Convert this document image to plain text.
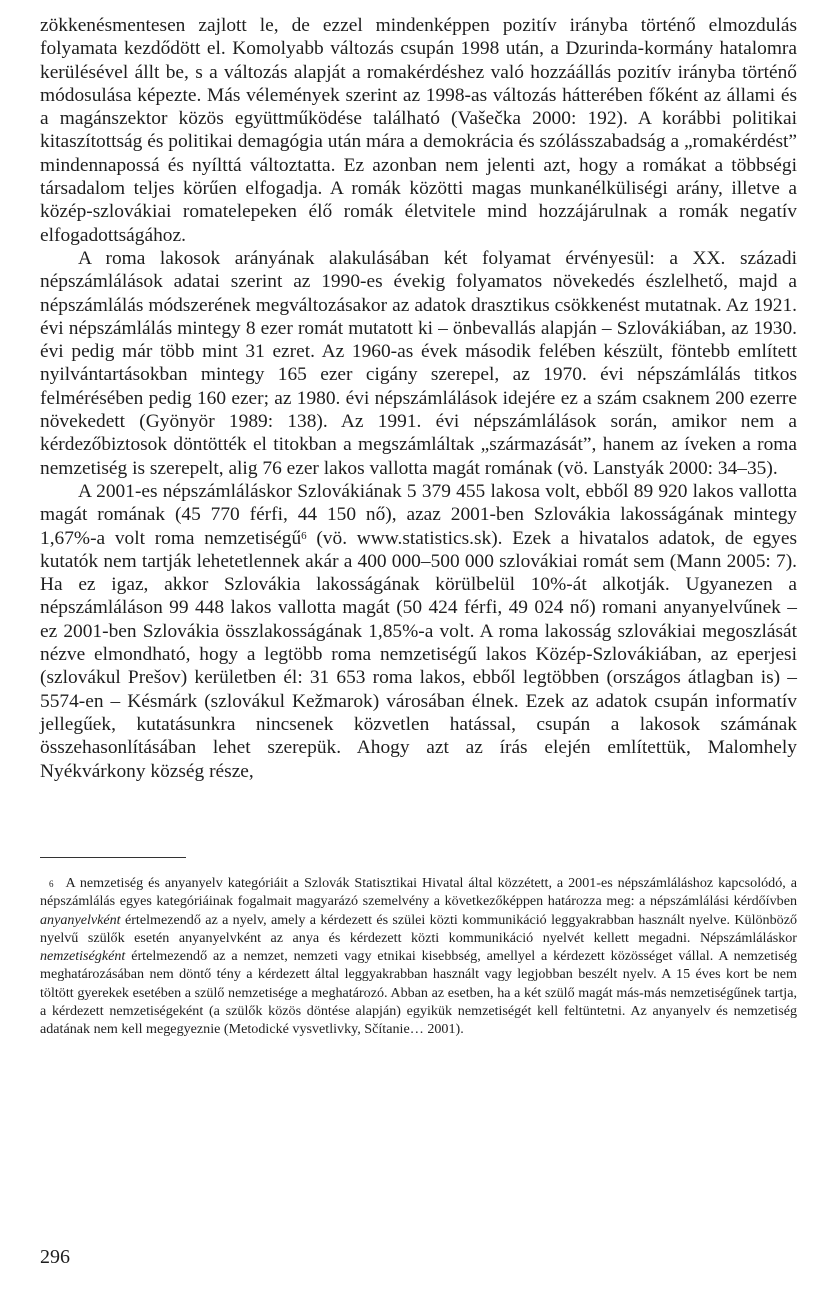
zökkenésmentesen zajlott le, de ezzel mindenképpen pozitív irányba történő elmozdulás folyamata kezdődött el. Komolyabb változás csupán 1998 után, a Dzurinda-kormány hatalomra kerülésével állt be, s a változás alapját a romakérdéshez való hozzáállás pozitív irányba történő módosulása képezte. Más vélemények szerint az 1998-as változás hátterében főként az állami és a magánszektor közös együttműködése található (Vašečka 2000: 192). A korábbi politikai kitaszítottság és politikai demagógia után mára a demokrácia és szólásszabadság a „romakérdést” mindennapossá és nyílttá változtatta. Ez azonban nem jelenti azt, hogy a romákat a többségi társadalom teljes körűen elfogadja. A romák közötti magas munkanélküliségi arány, illetve a közép-szlovákiai romatelepeken élő romák életvitele mind hozzájárulnak a romák negatív elfogadottságához.

A roma lakosok arányának alakulásában két folyamat érvényesül: a XX. századi népszámlálások adatai szerint az 1990-es évekig folyamatos növekedés észlelhető, majd a népszámlálás módszerének megváltozásakor az adatok drasztikus csökkenést mutatnak. Az 1921. évi népszámlálás mintegy 8 ezer romát mutatott ki – önbevallás alapján – Szlovákiában, az 1930. évi pedig már több mint 31 ezret. Az 1960-as évek második felében készült, föntebb említett nyilvántartásokban mintegy 165 ezer cigány szerepel, az 1970. évi népszámlálás titkos felmérésében pedig 160 ezer; az 1980. évi népszámlálások idejére ez a szám csaknem 200 ezerre növekedett (Gyönyör 1989: 138). Az 1991. évi népszámlálások során, amikor nem a kérdezőbiztosok döntötték el titokban a megszámláltak „származását”, hanem az íveken a roma nemzetiség is szerepelt, alig 76 ezer lakos vallotta magát romának (vö. Lanstyák 2000: 34–35).

A 2001-es népszámláláskor Szlovákiának 5 379 455 lakosa volt, ebből 89 920 lakos vallotta magát romának (45 770 férfi, 44 150 nő), azaz 2001-ben Szlovákia lakosságának mintegy 1,67%-a volt roma nemzetiségű$^6$ (vö. www.statistics.sk). Ezek a hivatalos adatok, de egyes kutatók nem tartják lehetetlennek akár a 400 000–500 000 szlovákiai romát sem (Mann 2005: 7). Ha ez igaz, akkor Szlovákia lakosságának körülbelül 10%-át alkotják. Ugyanezen a népszámláláson 99 448 lakos vallotta magát (50 424 férfi, 49 024 nő) romani anyanyelvűnek – ez 2001-ben Szlovákia összlakosságának 1,85%-a volt. A roma lakosság szlovákiai megoszlását nézve elmondható, hogy a legtöbb roma nemzetiségű lakos Közép-Szlovákiában, az eperjesi (szlovákul Prešov) kerületben él: 31 653 roma lakos, ebből legtöbben (országos átlagban is) – 5574-en – Késmárk (szlovákul Kežmarok) városában élnek. Ezek az adatok csupán informatív jellegűek, kutatásunkra nincsenek közvetlen hatással, csupán a lakosok számának összehasonlításában lehet szerepük. Ahogy azt az írás elején említettük, Malomhely Nyékvárkony község része,

$^6$ A nemzetiség és anyanyelv kategóriáit a Szlovák Statisztikai Hivatal által közzétett, a 2001-es népszámláláshoz kapcsolódó, a népszámlálás egyes kategóriáinak fogalmait magyarázó szemelvény a következőképpen határozza meg: a népszámlálási kérdőívben anyanyelvként értelmezendő az a nyelv, amely a kérdezett és szülei közti kommunikáció leggyakrabban használt nyelve. Különböző nyelvű szülők esetén anyanyelvként az anya és kérdezett közti kommunikáció nyelvét kellett megadni. Népszámláláskor nemzetiségként értelmezendő az a nemzet, nemzeti vagy etnikai kisebbség, amellyel a kérdezett közösséget vállal. A nemzetiség meghatározásában nem döntő tény a kérdezett által leggyakrabban használt vagy legjobban beszélt nyelv. A 15 éves kort be nem töltött gyerekek esetében a szülő nemzetisége a meghatározó. Abban az esetben, ha a két szülő magát más-más nemzetiségűnek tartja, a kérdezett nemzetiségeként (a szülők közös döntése alapján) egyikük nemzetiségét kell feltüntetni. Az anyanyelv és nemzetiség adatának nem kell megegyeznie (Metodické vysvetlivky, Sčítanie… 2001).
296
